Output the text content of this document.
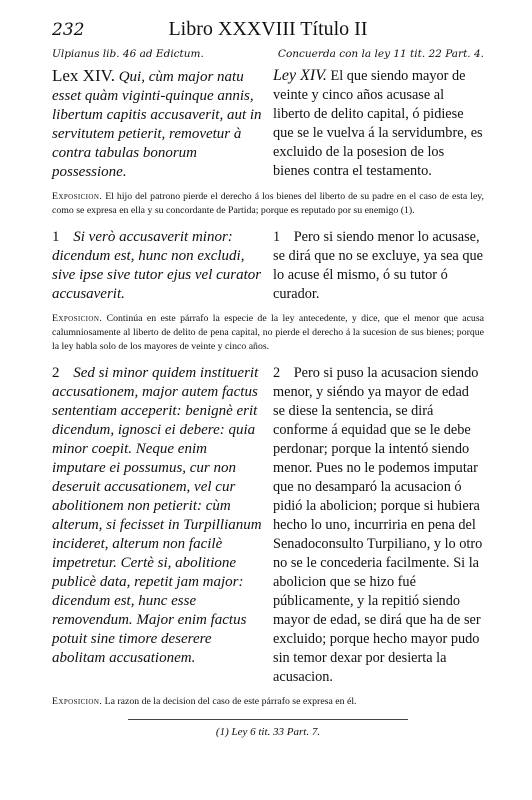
232	Libro XXXVIII Título II
Ulpianus lib. 46 ad Edictum.	Concuerda con la ley 11 tit. 22 Part. 4.
Lex XIV. Qui, cùm major natu esset quàm viginti-quinque annis, libertum capitis accusaverit, aut in servitutem petierit, removetur à contra tabulas bonorum possessione.
Ley XIV. El que siendo mayor de veinte y cinco años acusase al liberto de delito capital, ó pidiese que se le vuelva á la servidumbre, es excluido de la posesion de los bienes contra el testamento.
Exposicion. El hijo del patrono pierde el derecho á los bienes del liberto de su padre en el caso de esta ley, como se expresa en ella y su concordante de Partida; porque es reputado por su enemigo (1).
1 Si verò accusaverit minor: dicendum est, hunc non excludi, sive ipse sive tutor ejus vel curator accusaverit.
1 Pero si siendo menor lo acusase, se dirá que no se excluye, ya sea que lo acuse él mismo, ó su tutor ó curador.
Exposicion. Continúa en este párrafo la especie de la ley antecedente, y dice, que el menor que acusa calumniosamente al liberto de delito de pena capital, no pierde el derecho á la sucesion de sus bienes; porque la ley habla solo de los mayores de veinte y cinco años.
2 Sed si minor quidem instituerit accusationem, major autem factus sententiam acceperit: benignè erit dicendum, ignosci ei debere: quia minor coepit. Neque enim imputare ei possumus, cur non deseruit accusationem, vel cur abolitionem non petierit: cùm alterum, si fecisset in Turpillianum incideret, alterum non facilè impetretur. Certè si, abolitione publicè data, repetit jam major: dicendum est, hunc esse removendum. Major enim factus potuit sine timore deserere abolitam accusationem.
2 Pero si puso la acusacion siendo menor, y siéndo ya mayor de edad se diese la sentencia, se dirá conforme á equidad que se le debe perdonar; porque la intentó siendo menor. Pues no le podemos imputar que no desamparó la acusacion ó pidió la abolicion; porque si hubiera hecho lo uno, incurriria en pena del Senadoconsulto Turpiliano, y lo otro no se le concederia facilmente. Si la abolicion que se hizo fué públicamente, y la repitió siendo mayor de edad, se dirá que ha de ser excluido; porque hecho mayor pudo sin temor dexar por desierta la acusacion.
Exposicion. La razon de la decision del caso de este párrafo se expresa en él.
(1) Ley 6 tit. 33 Part. 7.
